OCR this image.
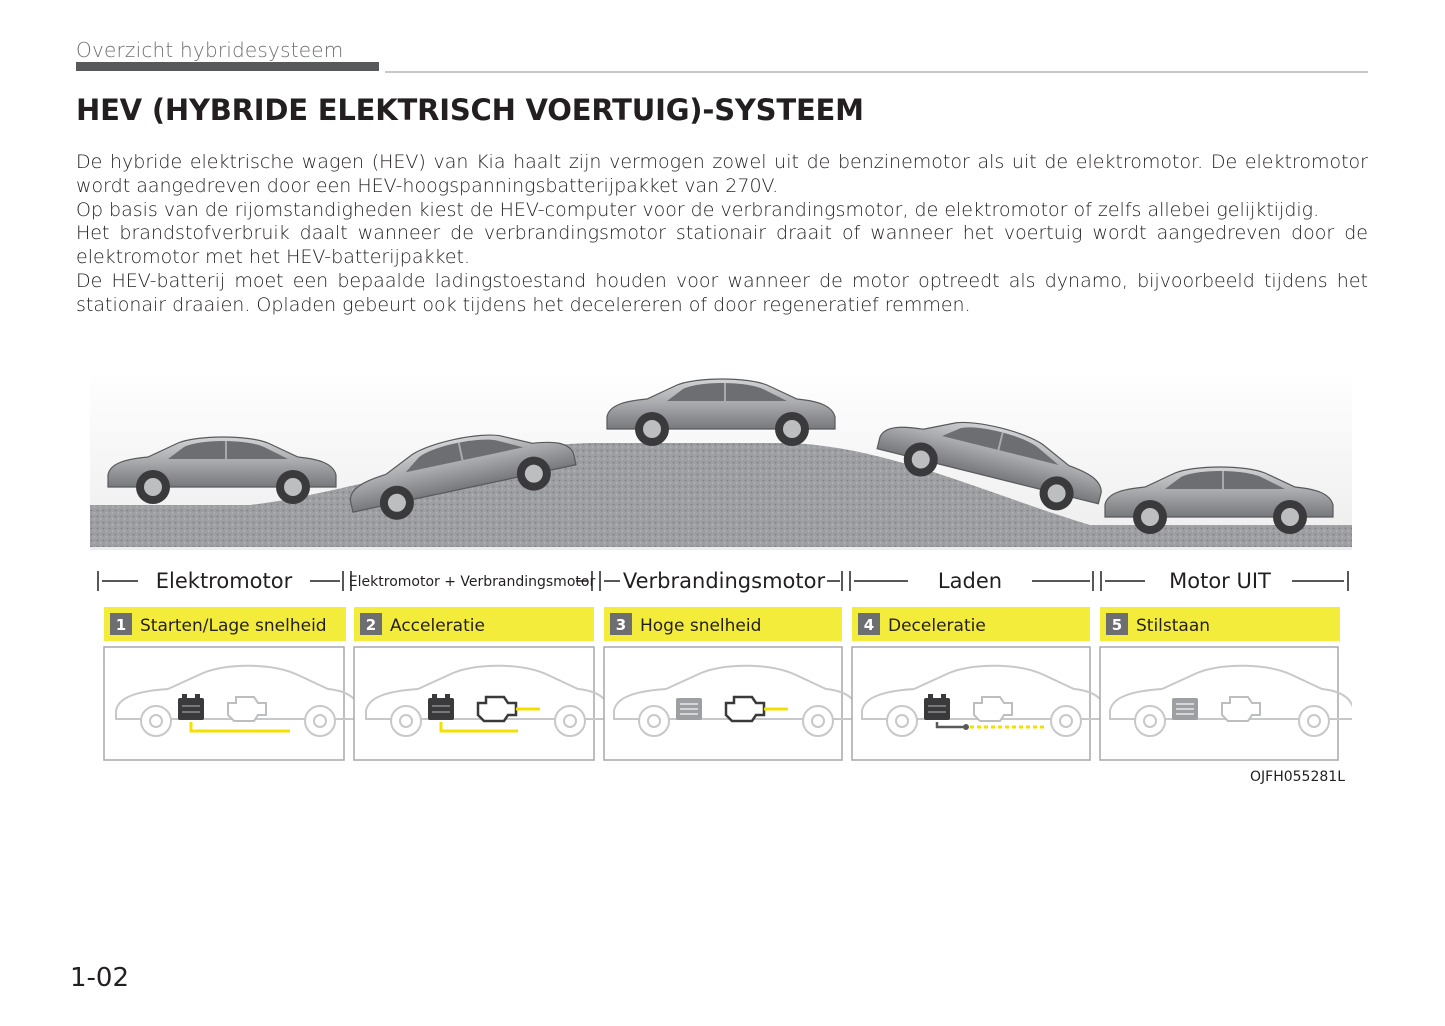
Overzicht hybridesysteem
HEV (HYBRIDE ELEKTRISCH VOERTUIG)-SYSTEEM

De hybride elektrische wagen (HEV) van Kia haalt zijn vermogen zowel uit de benzinemotor als uit de elektromotor. De elektromotor wordt aangedreven door een HEV-hoogspanningsbatterijpakket van 270V.

Op basis van de rijomstandigheden kiest de HEV-computer voor de verbrandingsmotor, de elektromotor of zelfs allebei gelijktijdig.

Het brandstofverbruik daalt wanneer de verbrandingsmotor stationair draait of wanneer het voertuig wordt aangedreven door de elektromotor met het HEV-batterijpakket.

De HEV-batterij moet een bepaalde ladingstoestand houden voor wanneer de motor optreedt als dynamo, bijvoorbeeld tijdens het stationair draaien. Opladen gebeurt ook tijdens het decelereren of door regeneratief remmen.

Elektromotor	Elektromotor + Verbrandingsmotor Verbrandingsmotor	Laden	Motor UIT
1 Starten/Lage snelheid	2 Acceleratie	3 Hoge snelheid	4 Deceleratie	5 Stilstaan
OJFH055281L
1-02
